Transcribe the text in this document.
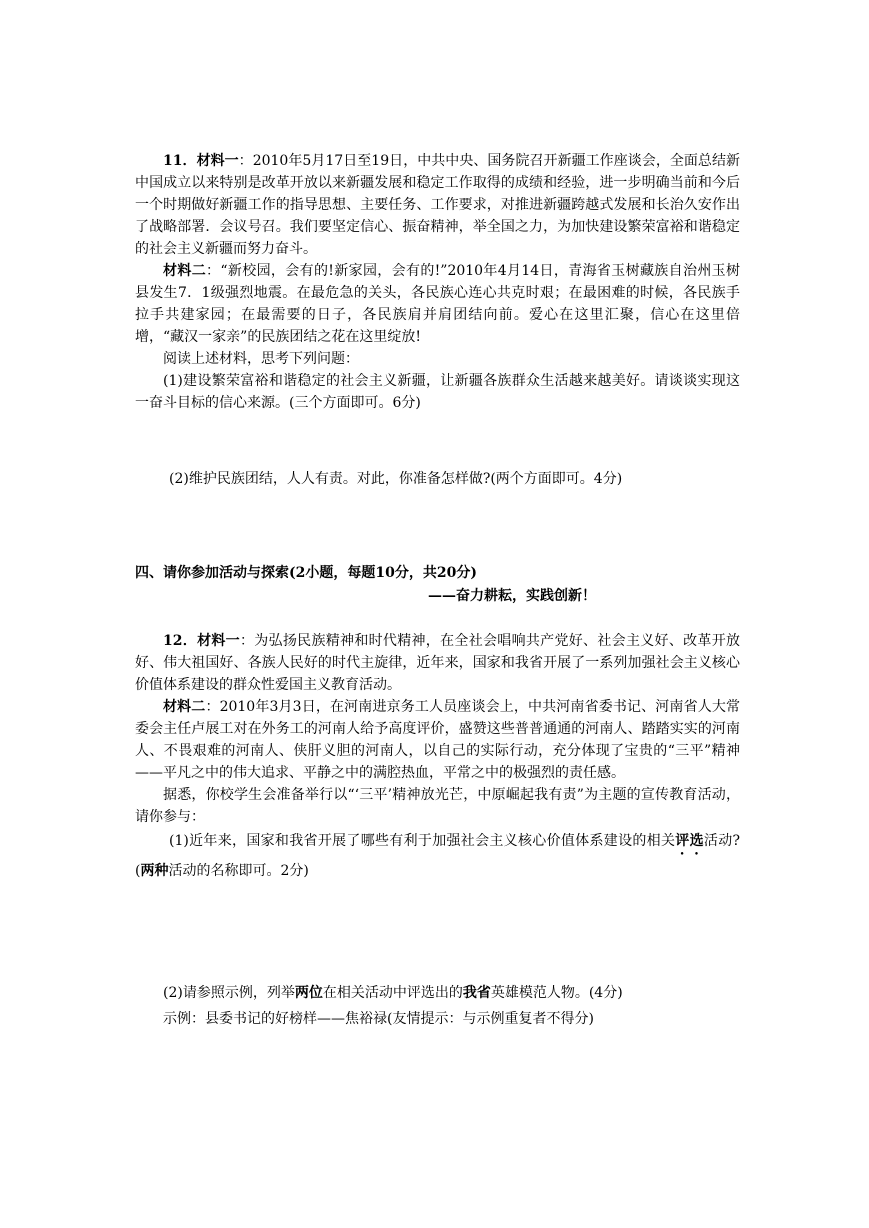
11．材料一：2010年5月17日至19日，中共中央、国务院召开新疆工作座谈会，全面总结新中国成立以来特别是改革开放以来新疆发展和稳定工作取得的成绩和经验，进一步明确当前和今后一个时期做好新疆工作的指导思想、主要任务、工作要求，对推进新疆跨越式发展和长治久安作出了战略部署．会议号召。我们要坚定信心、振奋精神，举全国之力，为加快建设繁荣富裕和谐稳定的社会主义新疆而努力奋斗。

材料二：“新校园，会有的!新家园，会有的!”2010年4月14日，青海省玉树藏族自治州玉树县发生7．1级强烈地震。在最危急的关头，各民族心连心共克时艰；在最困难的时候，各民族手拉手共建家园；在最需要的日子，各民族肩并肩团结向前。爱心在这里汇聚，信心在这里倍增，“藏汉一家亲”的民族团结之花在这里绽放!

阅读上述材料，思考下列问题：

(1)建设繁荣富裕和谐稳定的社会主义新疆，让新疆各族群众生活越来越美好。请谈谈实现这一奋斗目标的信心来源。(三个方面即可。6分)

(2)维护民族团结，人人有责。对此，你准备怎样做?(两个方面即可。4分)

四、请你参加活动与探索(2小题，每题10分，共20分)
——奋力耕耘，实践创新！

12．材料一：为弘扬民族精神和时代精神，在全社会唱响共产党好、社会主义好、改革开放好、伟大祖国好、各族人民好的时代主旋律，近年来，国家和我省开展了一系列加强社会主义核心价值体系建设的群众性爱国主义教育活动。

材料二：2010年3月3日，在河南进京务工人员座谈会上，中共河南省委书记、河南省人大常委会主任卢展工对在外务工的河南人给予高度评价，盛赞这些普普通通的河南人、踏踏实实的河南人、不畏艰难的河南人、侠肝义胆的河南人，以自己的实际行动，充分体现了宝贵的“三平”精神——平凡之中的伟大追求、平静之中的满腔热血，平常之中的极强烈的责任感。

据悉，你校学生会准备举行以“‘三平’精神放光芒，中原崛起我有责”为主题的宣传教育活动，请你参与：

(1)近年来，国家和我省开展了哪些有利于加强社会主义核心价值体系建设的相关评选活动?(两种活动的名称即可。2分)

(2)请参照示例，列举两位在相关活动中评选出的我省英雄模范人物。(4分)

示例：县委书记的好榜样——焦裕禄(友情提示：与示例重复者不得分)
